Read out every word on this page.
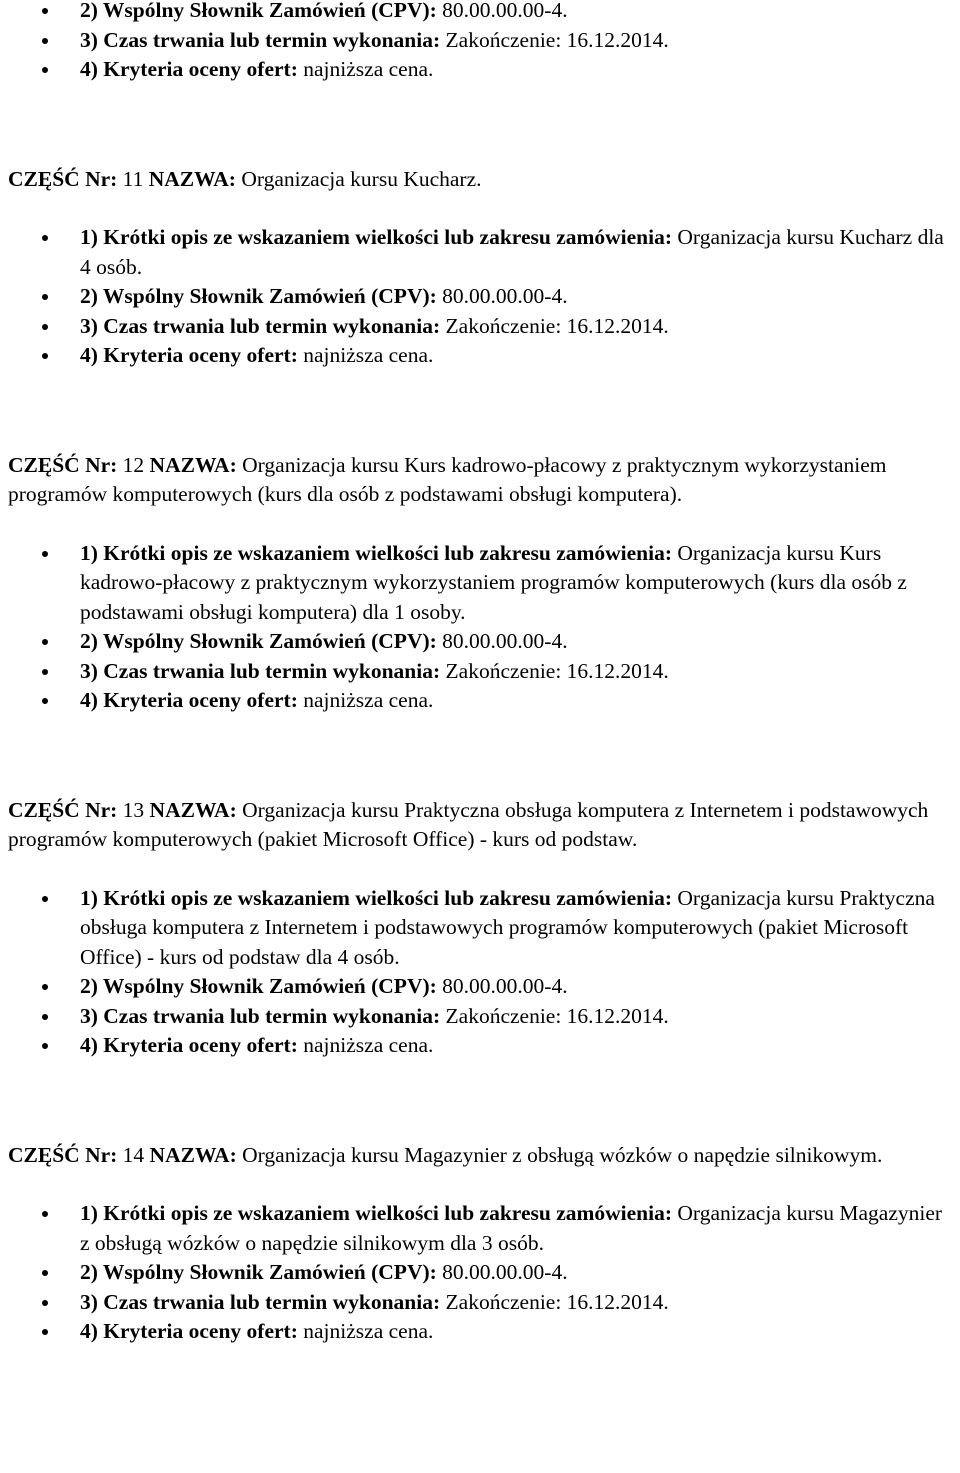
2) Wspólny Słownik Zamówień (CPV): 80.00.00.00-4.
3) Czas trwania lub termin wykonania: Zakończenie: 16.12.2014.
4) Kryteria oceny ofert: najniższa cena.

CZĘŚĆ Nr: 11 NAZWA: Organizacja kursu Kucharz.

1) Krótki opis ze wskazaniem wielkości lub zakresu zamówienia: Organizacja kursu Kucharz dla 4 osób.
2) Wspólny Słownik Zamówień (CPV): 80.00.00.00-4.
3) Czas trwania lub termin wykonania: Zakończenie: 16.12.2014.
4) Kryteria oceny ofert: najniższa cena.

CZĘŚĆ Nr: 12 NAZWA: Organizacja kursu Kurs kadrowo-płacowy z praktycznym wykorzystaniem programów komputerowych (kurs dla osób z podstawami obsługi komputera).

1) Krótki opis ze wskazaniem wielkości lub zakresu zamówienia: Organizacja kursu Kurs kadrowo-płacowy z praktycznym wykorzystaniem programów komputerowych (kurs dla osób z podstawami obsługi komputera) dla 1 osoby.
2) Wspólny Słownik Zamówień (CPV): 80.00.00.00-4.
3) Czas trwania lub termin wykonania: Zakończenie: 16.12.2014.
4) Kryteria oceny ofert: najniższa cena.

CZĘŚĆ Nr: 13 NAZWA: Organizacja kursu Praktyczna obsługa komputera z Internetem i podstawowych programów komputerowych (pakiet Microsoft Office) - kurs od podstaw.

1) Krótki opis ze wskazaniem wielkości lub zakresu zamówienia: Organizacja kursu Praktyczna obsługa komputera z Internetem i podstawowych programów komputerowych (pakiet Microsoft Office) - kurs od podstaw dla 4 osób.
2) Wspólny Słownik Zamówień (CPV): 80.00.00.00-4.
3) Czas trwania lub termin wykonania: Zakończenie: 16.12.2014.
4) Kryteria oceny ofert: najniższa cena.

CZĘŚĆ Nr: 14 NAZWA: Organizacja kursu Magazynier z obsługą wózków o napędzie silnikowym.

1) Krótki opis ze wskazaniem wielkości lub zakresu zamówienia: Organizacja kursu Magazynier z obsługą wózków o napędzie silnikowym dla 3 osób.
2) Wspólny Słownik Zamówień (CPV): 80.00.00.00-4.
3) Czas trwania lub termin wykonania: Zakończenie: 16.12.2014.
4) Kryteria oceny ofert: najniższa cena.
